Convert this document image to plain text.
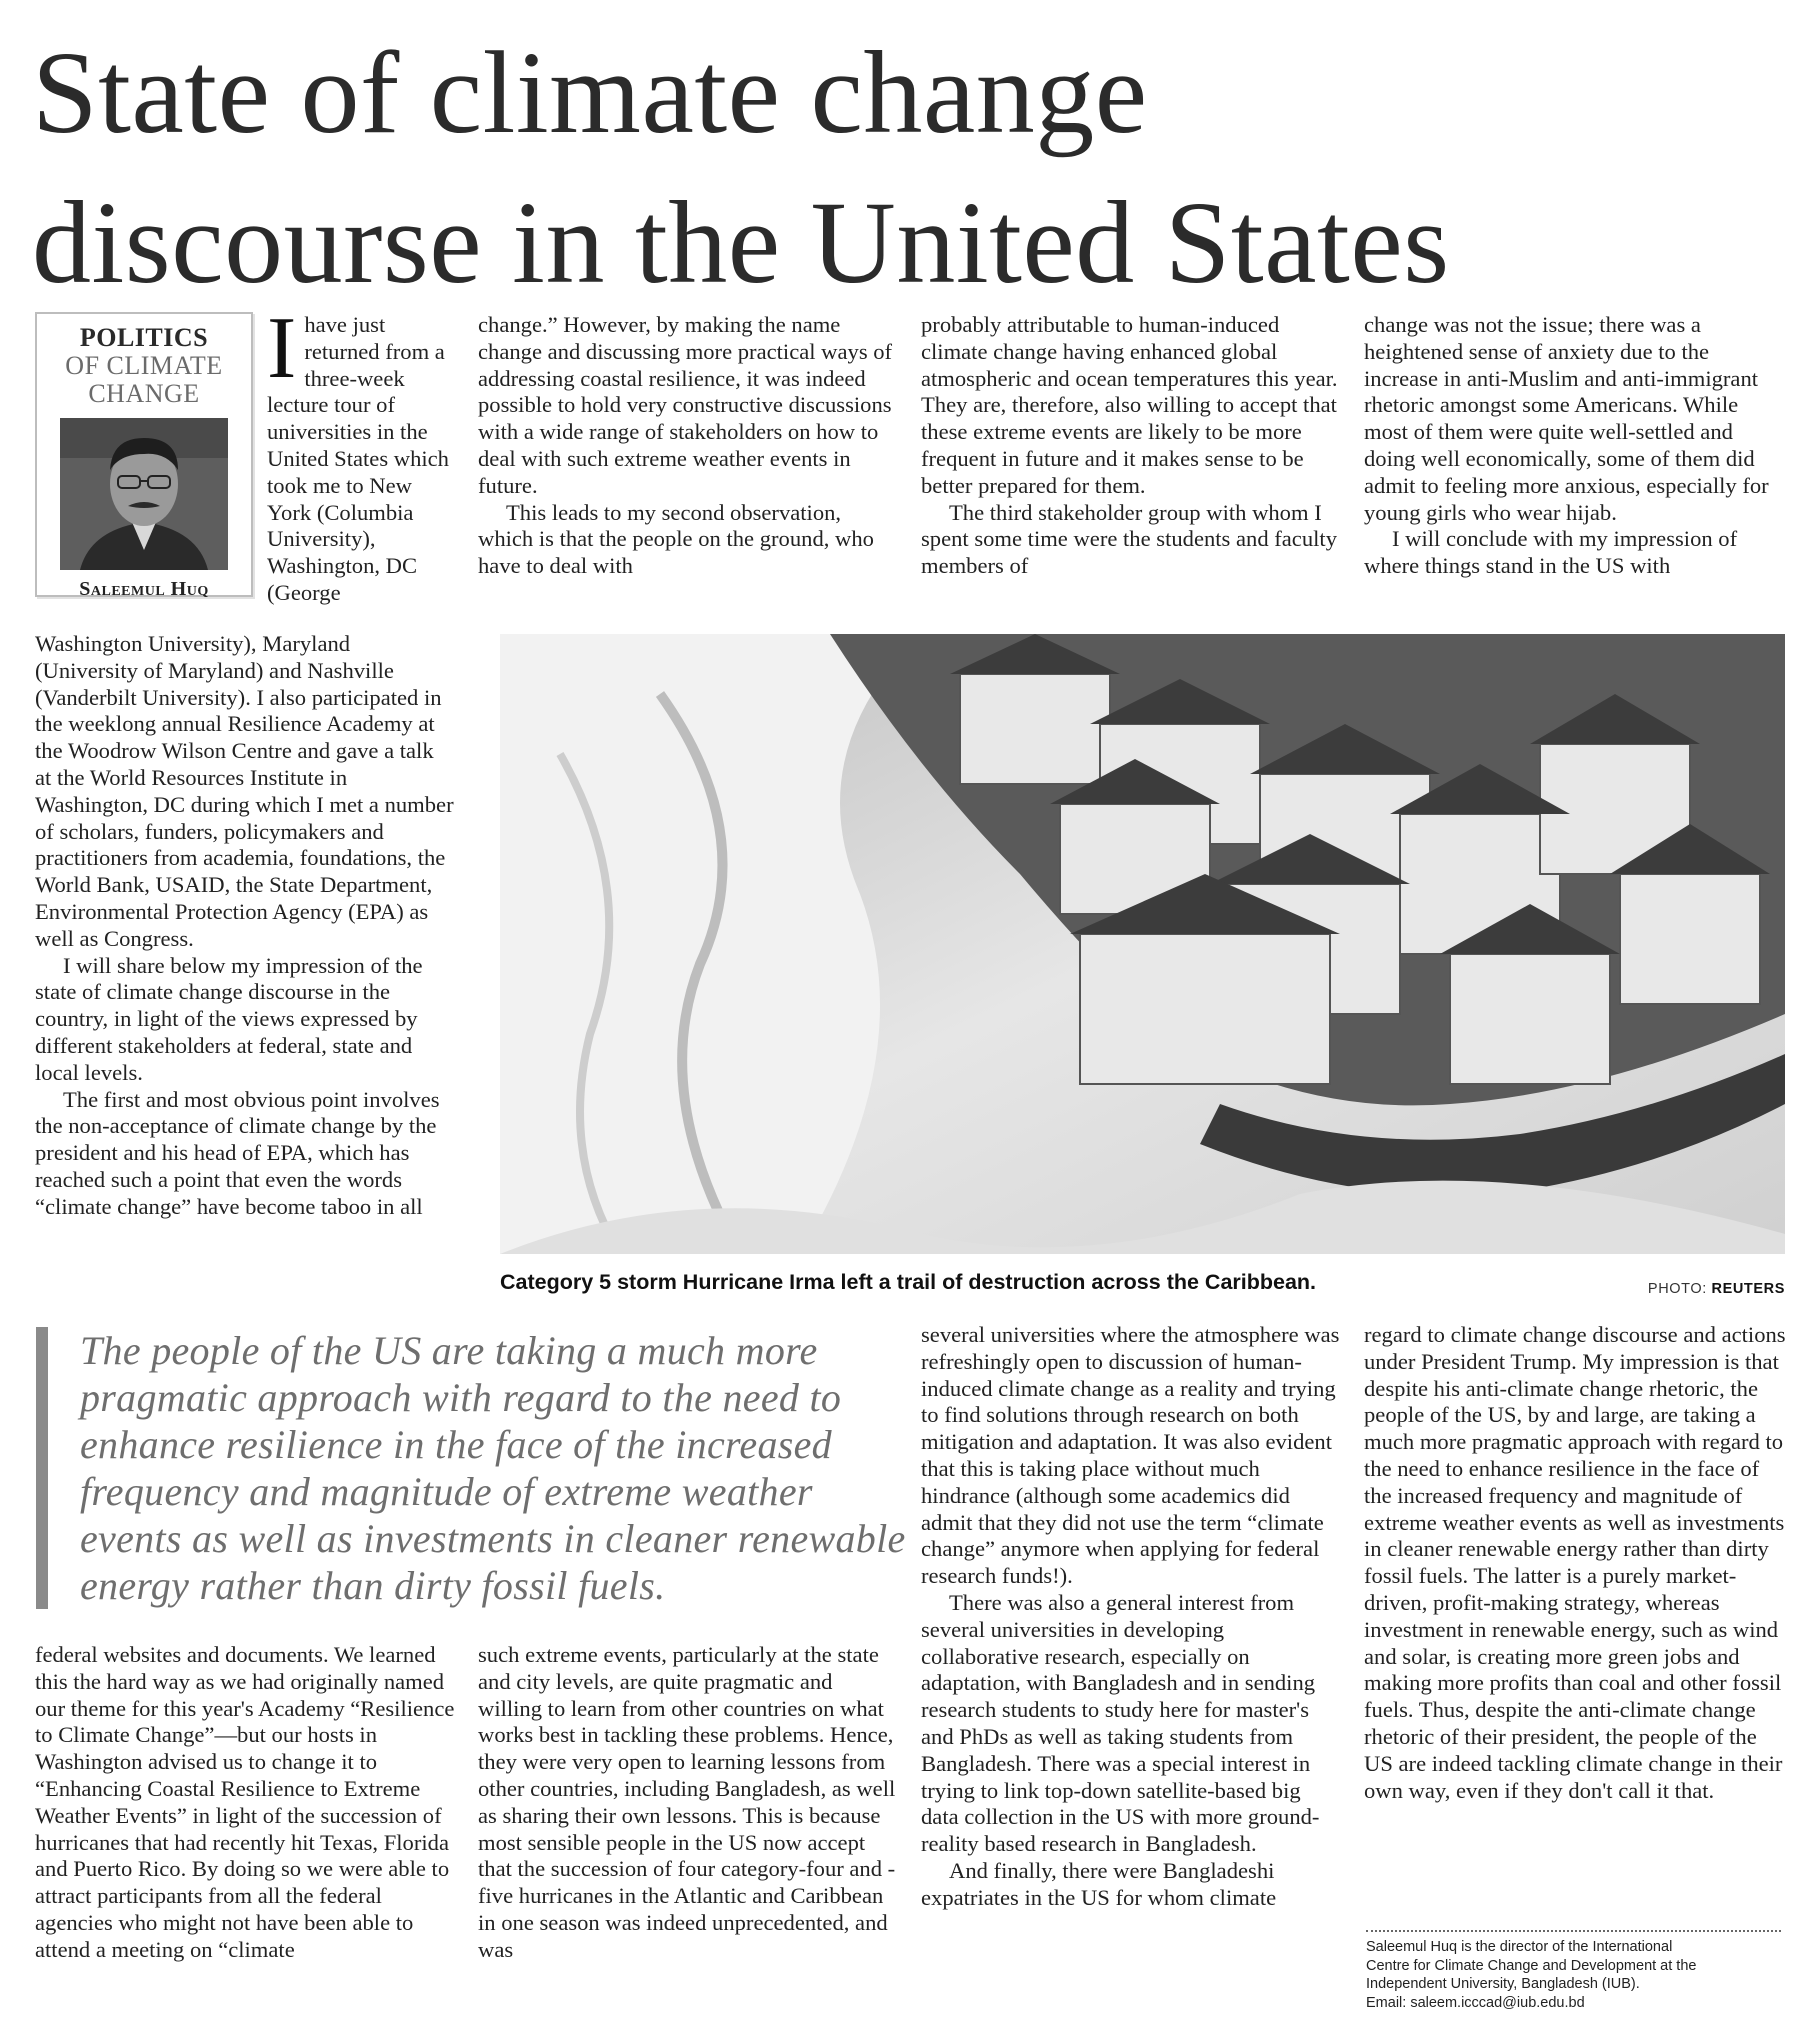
State of climate change
discourse in the United States
POLITICS
OF CLIMATE
CHANGE
Saleemul Huq
I have just returned from a three-week lecture tour of universities in the United States which took me to New York (Columbia University), Washington, DC (George

Washington University), Maryland (University of Maryland) and Nashville (Vanderbilt University). I also participated in the weeklong annual Resilience Academy at the Woodrow Wilson Centre and gave a talk at the World Resources Institute in Washington, DC during which I met a number of scholars, funders, policymakers and practitioners from academia, foundations, the World Bank, USAID, the State Department, Environmental Protection Agency (EPA) as well as Congress.

I will share below my impression of the state of climate change discourse in the country, in light of the views expressed by different stakeholders at federal, state and local levels.

The first and most obvious point involves the non-acceptance of climate change by the president and his head of EPA, which has reached such a point that even the words “climate change” have become taboo in all

change.” However, by making the name change and discussing more practical ways of addressing coastal resilience, it was indeed possible to hold very constructive discussions with a wide range of stakeholders on how to deal with such extreme weather events in future.

This leads to my second observation, which is that the people on the ground, who have to deal with

probably attributable to human-induced climate change having enhanced global atmospheric and ocean temperatures this year. They are, therefore, also willing to accept that these extreme events are likely to be more frequent in future and it makes sense to be better prepared for them.

The third stakeholder group with whom I spent some time were the students and faculty members of

change was not the issue; there was a heightened sense of anxiety due to the increase in anti-Muslim and anti-immigrant rhetoric amongst some Americans. While most of them were quite well-settled and doing well economically, some of them did admit to feeling more anxious, especially for young girls who wear hijab.

I will conclude with my impression of where things stand in the US with

Category 5 storm Hurricane Irma left a trail of destruction across the Caribbean.	PHOTO: REUTERS

The people of the US are taking a much more pragmatic approach with regard to the need to enhance resilience in the face of the increased frequency and magnitude of extreme weather events as well as investments in cleaner renewable energy rather than dirty fossil fuels.

federal websites and documents. We learned this the hard way as we had originally named our theme for this year's Academy “Resilience to Climate Change”—but our hosts in Washington advised us to change it to “Enhancing Coastal Resilience to Extreme Weather Events” in light of the succession of hurricanes that had recently hit Texas, Florida and Puerto Rico. By doing so we were able to attract participants from all the federal agencies who might not have been able to attend a meeting on “climate

such extreme events, particularly at the state and city levels, are quite pragmatic and willing to learn from other countries on what works best in tackling these problems. Hence, they were very open to learning lessons from other countries, including Bangladesh, as well as sharing their own lessons. This is because most sensible people in the US now accept that the succession of four category-four and -five hurricanes in the Atlantic and Caribbean in one season was indeed unprecedented, and was

several universities where the atmosphere was refreshingly open to discussion of human-induced climate change as a reality and trying to find solutions through research on both mitigation and adaptation. It was also evident that this is taking place without much hindrance (although some academics did admit that they did not use the term “climate change” anymore when applying for federal research funds!).

There was also a general interest from several universities in developing collaborative research, especially on adaptation, with Bangladesh and in sending research students to study here for master's and PhDs as well as taking students from Bangladesh. There was a special interest in trying to link top-down satellite-based big data collection in the US with more ground-reality based research in Bangladesh.

And finally, there were Bangladeshi expatriates in the US for whom climate

regard to climate change discourse and actions under President Trump. My impression is that despite his anti-climate change rhetoric, the people of the US, by and large, are taking a much more pragmatic approach with regard to the need to enhance resilience in the face of the increased frequency and magnitude of extreme weather events as well as investments in cleaner renewable energy rather than dirty fossil fuels. The latter is a purely market-driven, profit-making strategy, whereas investment in renewable energy, such as wind and solar, is creating more green jobs and making more profits than coal and other fossil fuels. Thus, despite the anti-climate change rhetoric of their president, the people of the US are indeed tackling climate change in their own way, even if they don't call it that.

Saleemul Huq is the director of the International
Centre for Climate Change and Development at the
Independent University, Bangladesh (IUB).
Email: saleem.icccad@iub.edu.bd
